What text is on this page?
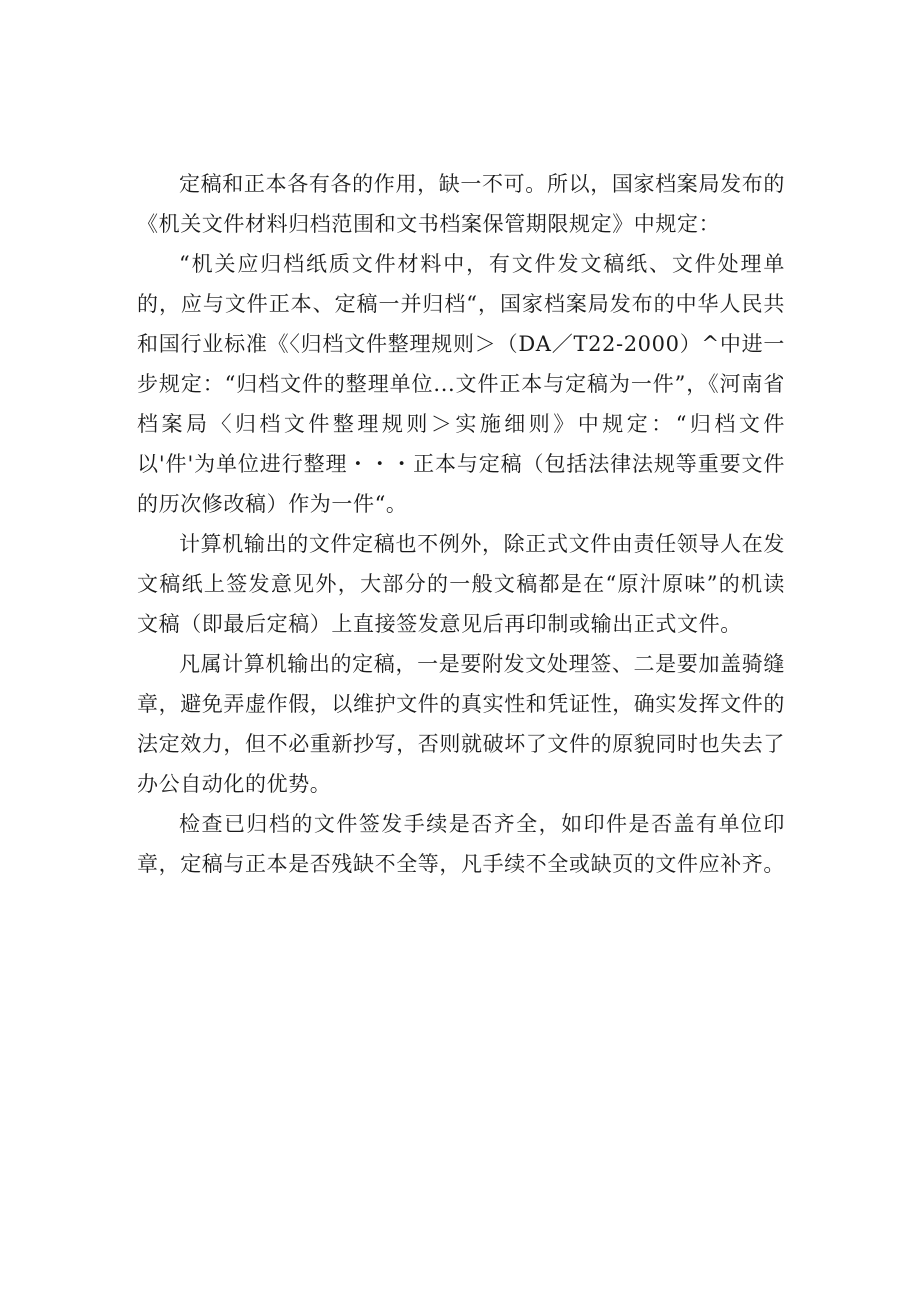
定稿和正本各有各的作用，缺一不可。所以，国家档案局发布的《机关文件材料归档范围和文书档案保管期限规定》中规定：

“机关应归档纸质文件材料中，有文件发文稿纸、文件处理单的，应与文件正本、定稿一并归档“，国家档案局发布的中华人民共和国行业标准《〈归档文件整理规则＞（DA／T22-2000）^中进一步规定：“归档文件的整理单位...文件正本与定稿为一件”，《河南省档案局〈归档文件整理规则＞实施细则》中规定：“归档文件以'件'为单位进行整理・・・正本与定稿（包括法律法规等重要文件的历次修改稿）作为一件“。

计算机输出的文件定稿也不例外，除正式文件由责任领导人在发文稿纸上签发意见外，大部分的一般文稿都是在“原汁原味”的机读文稿（即最后定稿）上直接签发意见后再印制或输出正式文件。

凡属计算机输出的定稿，一是要附发文处理签、二是要加盖骑缝章，避免弄虚作假，以维护文件的真实性和凭证性，确实发挥文件的法定效力，但不必重新抄写，否则就破坏了文件的原貌同时也失去了办公自动化的优势。

检查已归档的文件签发手续是否齐全，如印件是否盖有单位印章，定稿与正本是否残缺不全等，凡手续不全或缺页的文件应补齐。
